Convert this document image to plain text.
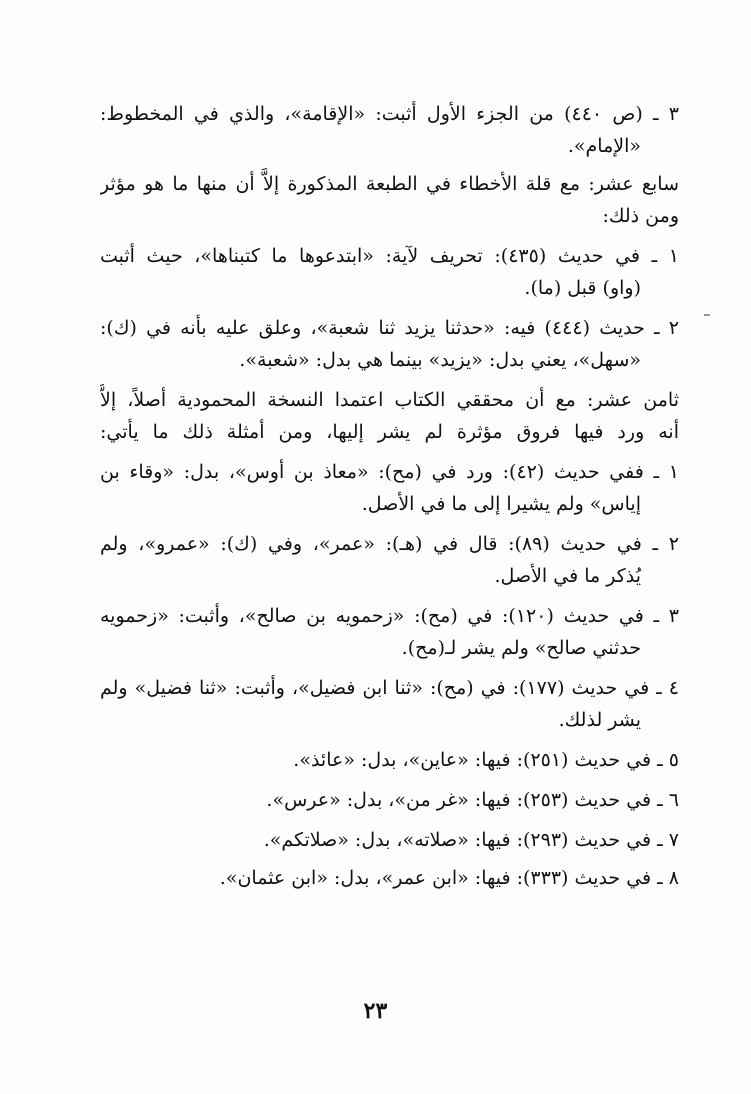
٣ ـ (ص ٤٤٠) من الجزء الأول أثبت: «الإقامة»، والذي في المخطوط:
«الإمام».
سابع عشر: مع قلة الأخطاء في الطبعة المذكورة إلاَّ أن منها ما هو مؤثر
ومن ذلك:
١ ـ في حديث (٤٣٥): تحريف لآية: «ابتدعوها ما كتبناها»، حيث أثبت
(واو) قبل (ما).
٢ ـ حديث (٤٤٤) فيه: «حدثنا يزيد ثنا شعبة»، وعلق عليه بأنه في (ك):
«سهل»، يعني بدل: «يزيد» بينما هي بدل: «شعبة».
ثامن عشر: مع أن محققي الكتاب اعتمدا النسخة المحمودية أصلاً، إلاَّ
أنه ورد فيها فروق مؤثرة لم يشر إليها، ومن أمثلة ذلك ما يأتي:
١ ـ ففي حديث (٤٢): ورد في (مح): «معاذ بن أوس»، بدل: «وقاء بن
إياس» ولم يشيرا إلى ما في الأصل.
٢ ـ في حديث (٨٩): قال في (هـ): «عمر»، وفي (ك): «عمرو»، ولم
يُذكر ما في الأصل.
٣ ـ في حديث (١٢٠): في (مح): «زحمويه بن صالح»، وأثبت: «زحمويه
حدثني صالح» ولم يشر لـ(مح).
٤ ـ في حديث (١٧٧): في (مح): «ثنا ابن فضيل»، وأثبت: «ثنا فضيل» ولم
يشر لذلك.
٥ ـ في حديث (٢٥١): فيها: «عاين»، بدل: «عائذ».
٦ ـ في حديث (٢٥٣): فيها: «غر من»، بدل: «عرس».
٧ ـ في حديث (٢٩٣): فيها: «صلاته»، بدل: «صلاتكم».
٨ ـ في حديث (٣٣٣): فيها: «ابن عمر»، بدل: «ابن عثمان».
٢٣
